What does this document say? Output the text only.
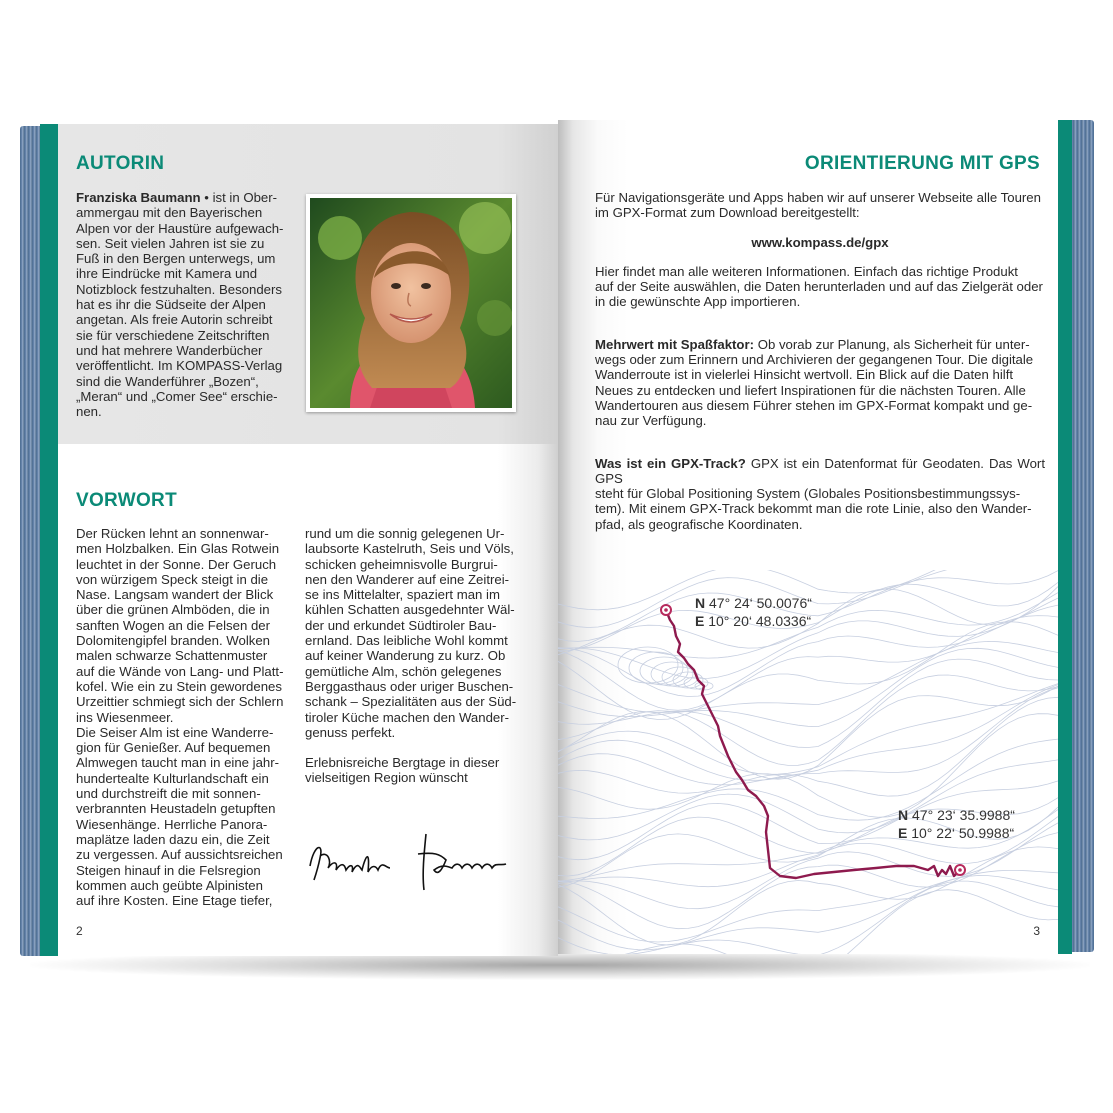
AUTORIN

Franziska Baumann • ist in Ober-

ammergau mit den Bayerischen
Alpen vor der Haustüre aufgewach-
sen. Seit vielen Jahren ist sie zu
Fuß in den Bergen unterwegs, um
ihre Eindrücke mit Kamera und
Notizblock festzuhalten. Besonders
hat es ihr die Südseite der Alpen
angetan. Als freie Autorin schreibt
sie für verschiedene Zeitschriften
und hat mehrere Wanderbücher
veröffentlicht. Im KOMPASS-Verlag
sind die Wanderführer „Bozen“,
„Meran“ und „Comer See“ erschie-
nen.
VORWORT
Der Rücken lehnt an sonnenwar-
men Holzbalken. Ein Glas Rotwein
leuchtet in der Sonne. Der Geruch
von würzigem Speck steigt in die
Nase. Langsam wandert der Blick
über die grünen Almböden, die in
sanften Wogen an die Felsen der
Dolomitengipfel branden. Wolken
malen schwarze Schattenmuster
auf die Wände von Lang- und Platt-
kofel. Wie ein zu Stein gewordenes
Urzeittier schmiegt sich der Schlern
ins Wiesenmeer.
Die Seiser Alm ist eine Wanderre-
gion für Genießer. Auf bequemen
Almwegen taucht man in eine jahr-
hundertealte Kulturlandschaft ein
und durchstreift die mit sonnen-
verbrannten Heustadeln getupften
Wiesenhänge. Herrliche Panora-
maplätze laden dazu ein, die Zeit
zu vergessen. Auf aussichtsreichen
Steigen hinauf in die Felsregion
kommen auch geübte Alpinisten
auf ihre Kosten. Eine Etage tiefer,
rund um die sonnig gelegenen Ur-
laubsorte Kastelruth, Seis und Völs,
schicken geheimnisvolle Burgrui-
nen den Wanderer auf eine Zeitrei-
se ins Mittelalter, spaziert man im
kühlen Schatten ausgedehnter Wäl-
der und erkundet Südtiroler Bau-
ernland. Das leibliche Wohl kommt
auf keiner Wanderung zu kurz. Ob
gemütliche Alm, schön gelegenes
Berggasthaus oder uriger Buschen-
schank – Spezialitäten aus der Süd-
tiroler Küche machen den Wander-
genuss perfekt.
Erlebnisreiche Bergtage in dieser
vielseitigen Region wünscht
2
ORIENTIERUNG MIT GPS
Für Navigationsgeräte und Apps haben wir auf unserer Webseite alle Touren
im GPX-Format zum Download bereitgestellt:
www.kompass.de/gpx
Hier findet man alle weiteren Informationen. Einfach das richtige Produkt
auf der Seite auswählen, die Daten herunterladen und auf das Zielgerät oder
in die gewünschte App importieren.
Mehrwert mit Spaßfaktor: Ob vorab zur Planung, als Sicherheit für unter-
wegs oder zum Erinnern und Archivieren der gegangenen Tour. Die digitale
Wanderroute ist in vielerlei Hinsicht wertvoll. Ein Blick auf die Daten hilft
Neues zu entdecken und liefert Inspirationen für die nächsten Touren. Alle
Wandertouren aus diesem Führer stehen im GPX-Format kompakt und ge-
nau zur Verfügung.
Was ist ein GPX-Track? GPX ist ein Datenformat für Geodaten. Das Wort GPS
steht für Global Positioning System (Globales Positionsbestimmungssys-
tem). Mit einem GPX-Track bekommt man die rote Linie, also den Wander-
pfad, als geografische Koordinaten.
N 47° 24‘ 50.0076“
E 10° 20‘ 48.0336“
N 47° 23‘ 35.9988“
E 10° 22‘ 50.9988“
3
